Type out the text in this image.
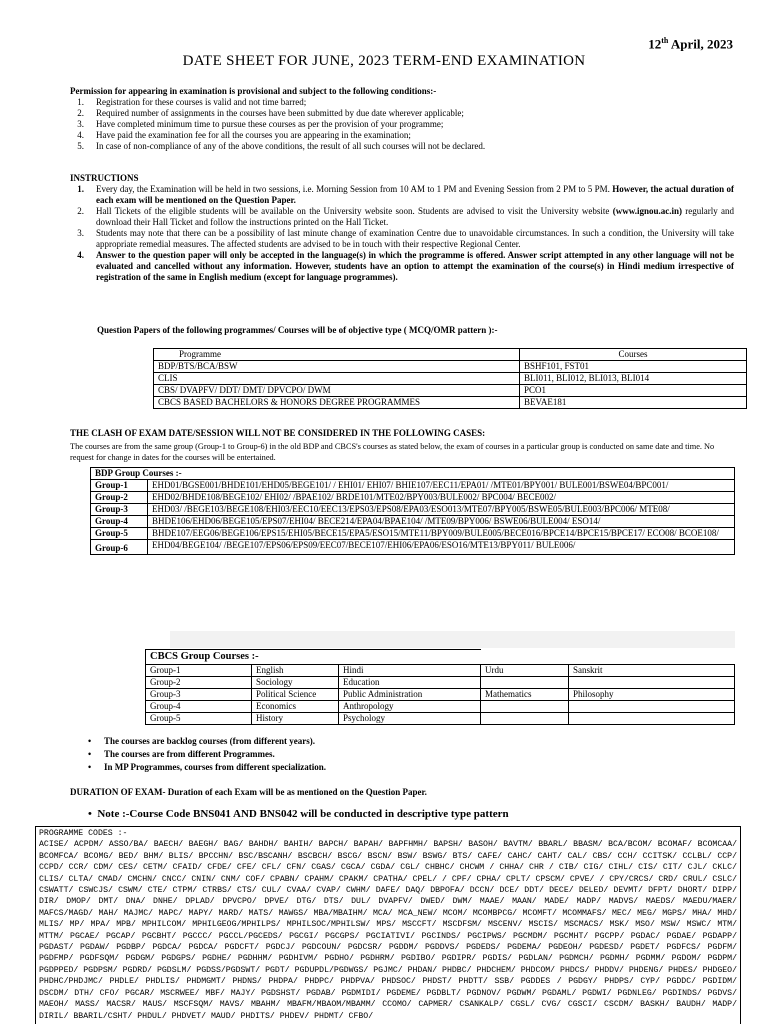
12th April, 2023
DATE SHEET FOR JUNE, 2023 TERM-END EXAMINATION
Permission for appearing in examination is provisional and subject to the following conditions:-
1. Registration for these courses is valid and not time barred;
2. Required number of assignments in the courses have been submitted by due date wherever applicable;
3. Have completed minimum time to pursue these courses as per the provision of your programme;
4. Have paid the examination fee for all the courses you are appearing in the examination;
5. In case of non-compliance of any of the above conditions, the result of all such courses will not be declared.
INSTRUCTIONS
1. Every day, the Examination will be held in two sessions, i.e. Morning Session from 10 AM to 1 PM and Evening Session from 2 PM to 5 PM. However, the actual duration of each exam will be mentioned on the Question Paper.
2. Hall Tickets of the eligible students will be available on the University website soon. Students are advised to visit the University website (www.ignou.ac.in) regularly and download their Hall Ticket and follow the instructions printed on the Hall Ticket.
3. Students may note that there can be a possibility of last minute change of examination Centre due to unavoidable circumstances. In such a condition, the University will take appropriate remedial measures. The affected students are advised to be in touch with their respective Regional Center.
4. Answer to the question paper will only be accepted in the language(s) in which the programme is offered. Answer script attempted in any other language will not be evaluated and cancelled without any information. However, students have an option to attempt the examination of the course(s) in Hindi medium irrespective of registration of the same in English medium (except for language programmes).
Question Papers of the following programmes/ Courses will be of objective type ( MCQ/OMR pattern ):-
Programme	Courses
BDP/BTS/BCA/BSW	BSHF101, FST01
CLIS	BLI011, BLI012, BLI013, BLI014
CBS/ DVAPFV/ DDT/ DMT/ DPVCPO/ DWM	PCO1
CBCS BASED BACHELORS & HONORS DEGREE PROGRAMMES	BEVAE181
THE CLASH OF EXAM DATE/SESSION WILL NOT BE CONSIDERED IN THE FOLLOWING CASES:
The courses are from the same group (Group-1 to Group-6) in the old BDP and CBCS's courses as stated below, the exam of courses in a particular group is conducted on same date and time. No request for change in dates for the courses will be entertained.
BDP Group Courses :-	
Group-1	EHD01/BGSE001/BHDE101/EHD05/BEGE101/ / EHI01/ EHI07/ BHIE107/EEC11/EPA01/ /MTE01/BPY001/ BULE001/BSWE04/BPC001/
Group-2	EHD02/BHDE108/BEGE102/ EHI02/ /BPAE102/ BRDE101/MTE02/BPY003/BULE002/ BPC004/ BECE002/
Group-3	EHD03/ /BEGE103/BEGE108/EHI03/EEC10/EEC13/EPS03/EPS08/EPA03/ESO013/MTE07/BPY005/BSWE05/BULE003/BPC006/ MTE08/
Group-4	BHDE106/EHD06/BEGE105/EPS07/EHI04/ BECE214/EPA04/BPAE104/ /MTE09/BPY006/ BSWE06/BULE004/ ESO14/
Group-5	BHDE107/EEG06/BEGE106/EPS15/EHI05/BECE15/EPA5/ESO15/MTE11/BPY009/BULE005/BECE016/BPCE14/BPCE15/BPCE17/ ECO08/ BCOE108/
Group-6	EHD04/BEGE104/ /BEGE107/EPS06/EPS09/EEC07/BECE107/EHI06/EPA06/ESO16/MTE13/BPY011/ BULE006/
CBCS Group Courses :-				
Group-1	English	Hindi	Urdu	Sanskrit
Group-2	Sociology	Education		
Group-3	Political Science	Public Administration	Mathematics	Philosophy
Group-4	Economics	Anthropology		
Group-5	History	Psychology		
• The courses are backlog courses (from different years).
• The courses are from different Programmes.
• In MP Programmes, courses from different specialization.
DURATION OF EXAM- Duration of each Exam will be as mentioned on the Question Paper.
•  Note :-Course Code BNS041 AND BNS042 will be conducted in descriptive type pattern
PROGRAMME CODES :-
ACISE/ ACPDM/ ASSO/BA/ BAECH/ BAEGH/ BAG/ BAHDH/ BAHIH/ BAPCH/ BAPAH/ BAPFHMH/ BAPSH/ BASOH/ BAVTM/ BBARL/ BBASM/ BCA/BCOM/ BCOMAF/ BCOMCAA/ BCOMFCA/ BCOMG/ BED/ BHM/ BLIS/ BPCCHN/ BSC/BSCANH/ BSCBCH/ BSCG/ BSCN/ BSW/ BSWG/ BTS/ CAFE/ CAHC/ CAHT/ CAL/ CBS/ CCH/ CCITSK/ CCLBL/ CCP/ CCPD/ CCR/ CDM/ CES/ CETM/ CFAID/ CFDE/ CFE/ CFL/ CFN/ CGAS/ CGCA/ CGDA/ CGL/ CHBHC/ CHCWM / CHHA/ CHR / CIB/ CIG/ CIHL/ CIS/ CIT/ CJL/ CKLC/ CLIS/ CLTA/ CMAD/ CMCHN/ CNCC/ CNIN/ CNM/ COF/ CPABN/ CPAHM/ CPAKM/ CPATHA/ CPEL/ / CPF/ CPHA/ CPLT/ CPSCM/ CPVE/ / CPY/CRCS/ CRD/ CRUL/ CSLC/ CSWATT/ CSWCJS/ CSWM/ CTE/ CTPM/ CTRBS/ CTS/ CUL/ CVAA/ CVAP/ CWHM/ DAFE/ DAQ/ DBPOFA/ DCCN/ DCE/ DDT/ DECE/ DELED/ DEVMT/ DFPT/ DHORT/ DIPP/ DIR/ DMOP/ DMT/ DNA/ DNHE/ DPLAD/ DPVCPO/ DPVE/ DTG/ DTS/ DUL/ DVAPFV/ DWED/ DWM/ MAAE/ MAAN/ MADE/ MADP/ MADVS/ MAEDS/ MAEDU/MAER/ MAFCS/MAGD/ MAH/ MAJMC/ MAPC/ MAPY/ MARD/ MATS/ MAWGS/ MBA/MBAIHM/ MCA/ MCA_NEW/ MCOM/ MCOMBPCG/ MCOMFT/ MCOMMAFS/ MEC/ MEG/ MGPS/ MHA/ MHD/ MLIS/ MP/ MPA/ MPB/ MPHILCOM/ MPHILGEOG/MPHILPS/ MPHILSOC/MPHILSW/ MPS/ MSCCFT/ MSCDFSM/ MSCENV/ MSCIS/ MSCMACS/ MSK/ MSO/ MSW/ MSWC/ MTM/ MTTM/ PGCAE/ PGCAP/ PGCBHT/ PGCCC/ PGCCL/PGCEDS/ PGCGI/ PGCGPS/ PGCIATIVI/ PGCINDS/ PGCIPWS/ PGCMDM/ PGCMHT/ PGCPP/ PGDAC/ PGDAE/ PGDAPP/ PGDAST/ PGDAW/ PGDBP/ PGDCA/ PGDCA/ PGDCFT/ PGDCJ/ PGDCOUN/ PGDCSR/ PGDDM/ PGDDVS/ PGDEDS/ PGDEMA/ PGDEOH/ PGDESD/ PGDET/ PGDFCS/ PGDFM/ PGDFMP/ PGDFSQM/ PGDGM/ PGDGPS/ PGDHE/ PGDHHM/ PGDHIVM/ PGDHO/ PGDHRM/ PGDIBO/ PGDIPR/ PGDIS/ PGDLAN/ PGDMCH/ PGDMH/ PGDMM/ PGDOM/ PGDPM/ PGDPPED/ PGDPSM/ PGDRD/ PGDSLM/ PGDSS/PGDSWT/ PGDT/ PGDUPDL/PGDWGS/ PGJMC/ PHDAN/ PHDBC/ PHDCHEM/ PHDCOM/ PHDCS/ PHDDV/ PHDENG/ PHDES/ PHDGEO/ PHDHC/PHDJMC/ PHDLE/ PHDLIS/ PHDMGMT/ PHDNS/ PHDPA/ PHDPC/ PHDPVA/ PHDSOC/ PHDST/ PHDTT/ SSB/ PGDDES / PGDGY/ PHDPS/ CYP/ PGDDC/ PGDIDM/ DSCDM/ DTH/ CFO/ PGCAR/ MSCRWEE/ MBF/ MAJY/ PGDSHST/ PGDAB/ PGDMIDI/ PGDEME/ PGDBLT/ PGDNOV/ PGDWM/ PGDAML/ PGDWI/ PGDNLEG/ PGDINDS/ PGDVS/ MAEOH/ MASS/ MACSR/ MAUS/ MSCFSQM/ MAVS/ MBAHM/ MBAFM/MBAOM/MBAMM/ CCOMO/ CAPMER/ CSANKALP/ CGSL/ CVG/ CGSCI/ CSCDM/ BASKH/ BAUDH/ MADP/ DIRIL/ BBARIL/CSHT/ PHDUL/ PHDVET/ MAUD/ PHDITS/ PHDEV/ PHDMT/ CFBO/
